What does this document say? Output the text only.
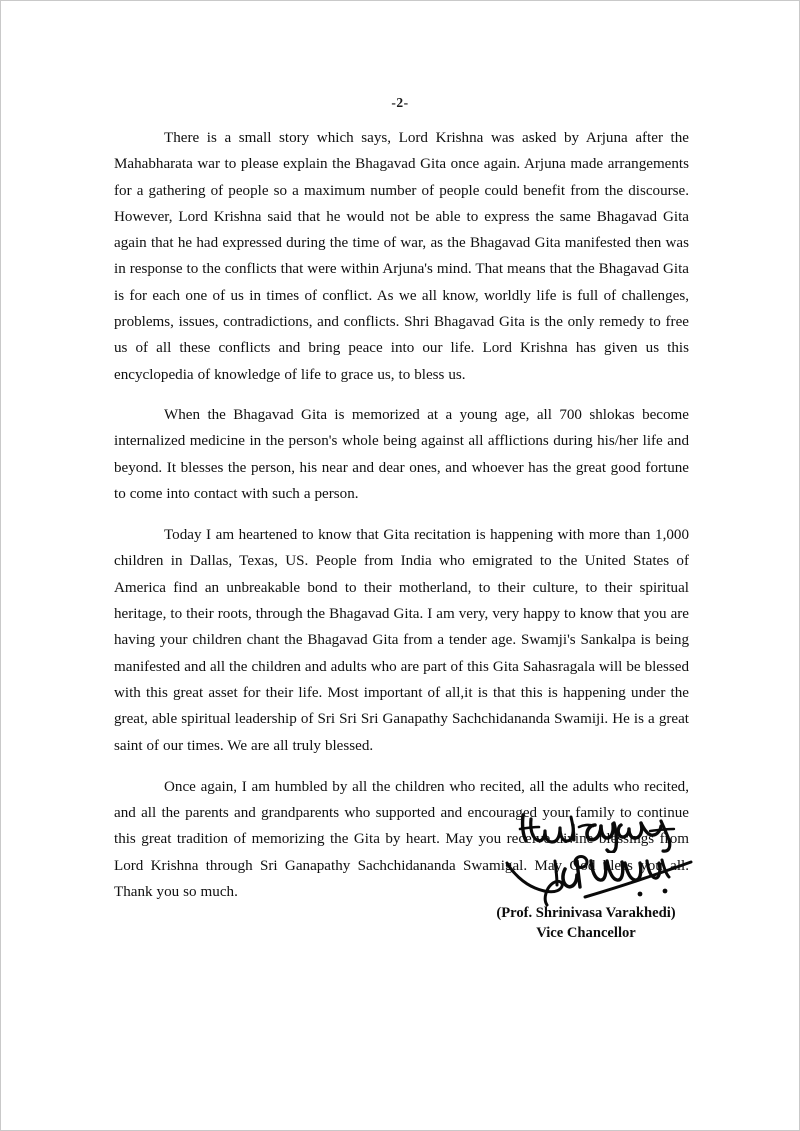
-2-

There is a small story which says, Lord Krishna was asked by Arjuna after the Mahabharata war to please explain the Bhagavad Gita once again. Arjuna made arrangements for a gathering of people so a maximum number of people could benefit from the discourse. However, Lord Krishna said that he would not be able to express the same Bhagavad Gita again that he had expressed during the time of war, as the Bhagavad Gita manifested then was in response to the conflicts that were within Arjuna's mind. That means that the Bhagavad Gita is for each one of us in times of conflict. As we all know, worldly life is full of challenges, problems, issues, contradictions, and conflicts. Shri Bhagavad Gita is the only remedy to free us of all these conflicts and bring peace into our life. Lord Krishna has given us this encyclopedia of knowledge of life to grace us, to bless us.

When the Bhagavad Gita is memorized at a young age, all 700 shlokas become internalized medicine in the person's whole being against all afflictions during his/her life and beyond. It blesses the person, his near and dear ones, and whoever has the great good fortune to come into contact with such a person.

Today I am heartened to know that Gita recitation is happening with more than 1,000 children in Dallas, Texas, US. People from India who emigrated to the United States of America find an unbreakable bond to their motherland, to their culture, to their spiritual heritage, to their roots, through the Bhagavad Gita. I am very, very happy to know that you are having your children chant the Bhagavad Gita from a tender age. Swamji's Sankalpa is being manifested and all the children and adults who are part of this Gita Sahasragala will be blessed with this great asset for their life. Most important of all,it is that this is happening under the great, able spiritual leadership of Sri Sri Sri Ganapathy Sachchidananda Swamiji. He is a great saint of our times. We are all truly blessed.

Once again, I am humbled by all the children who recited, all the adults who recited, and all the parents and grandparents who supported and encouraged your family to continue this great tradition of memorizing the Gita by heart. May you receive divine blessings from Lord Krishna through Sri Ganapathy Sachchidananda Swamigal. May God bless you all. Thank you so much.

(Prof. Shrinivasa Varakhedi)
Vice Chancellor
